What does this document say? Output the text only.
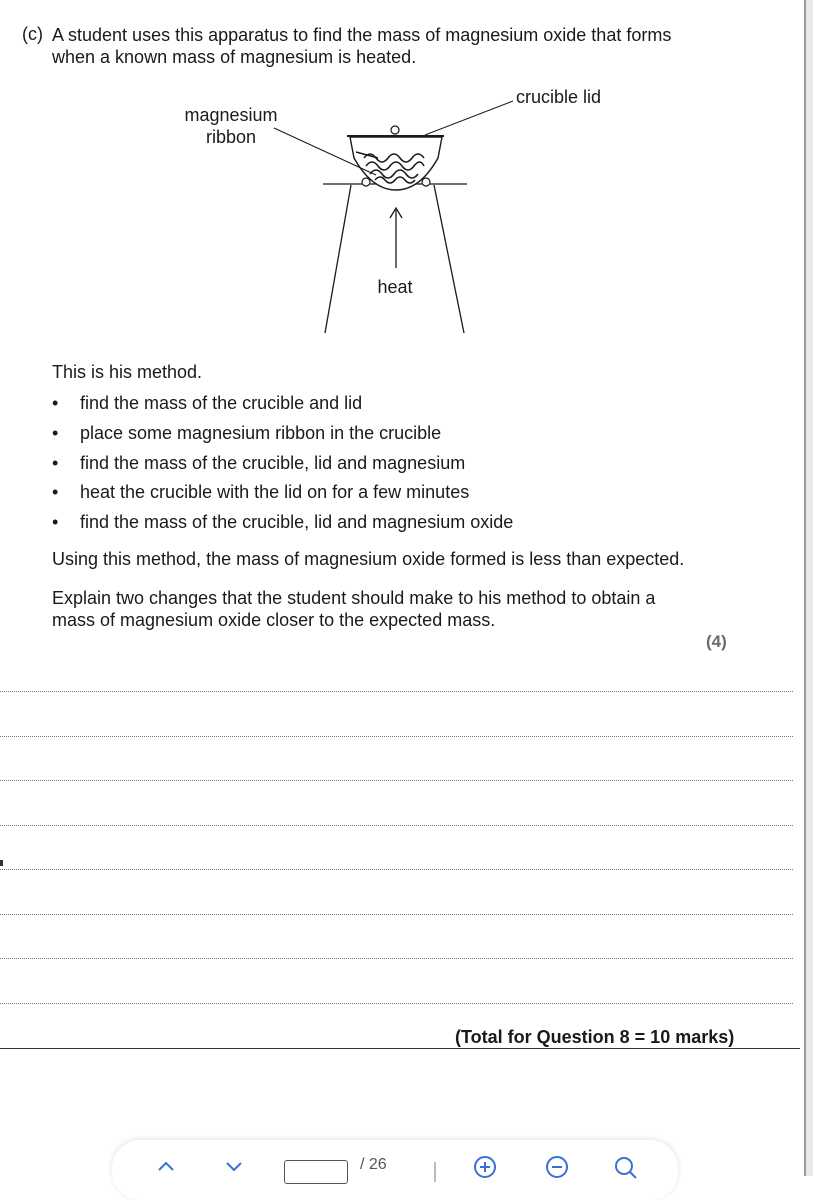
(c) A student uses this apparatus to find the mass of magnesium oxide that forms when a known mass of magnesium is heated.
magnesium
ribbon
crucible lid
heat
This is his method.
• find the mass of the crucible and lid
• place some magnesium ribbon in the crucible
• find the mass of the crucible, lid and magnesium
• heat the crucible with the lid on for a few minutes
• find the mass of the crucible, lid and magnesium oxide
Using this method, the mass of magnesium oxide formed is less than expected.
Explain two changes that the student should make to his method to obtain a mass of magnesium oxide closer to the expected mass.
(4)
(Total for Question 8 = 10 marks)
/ 26
